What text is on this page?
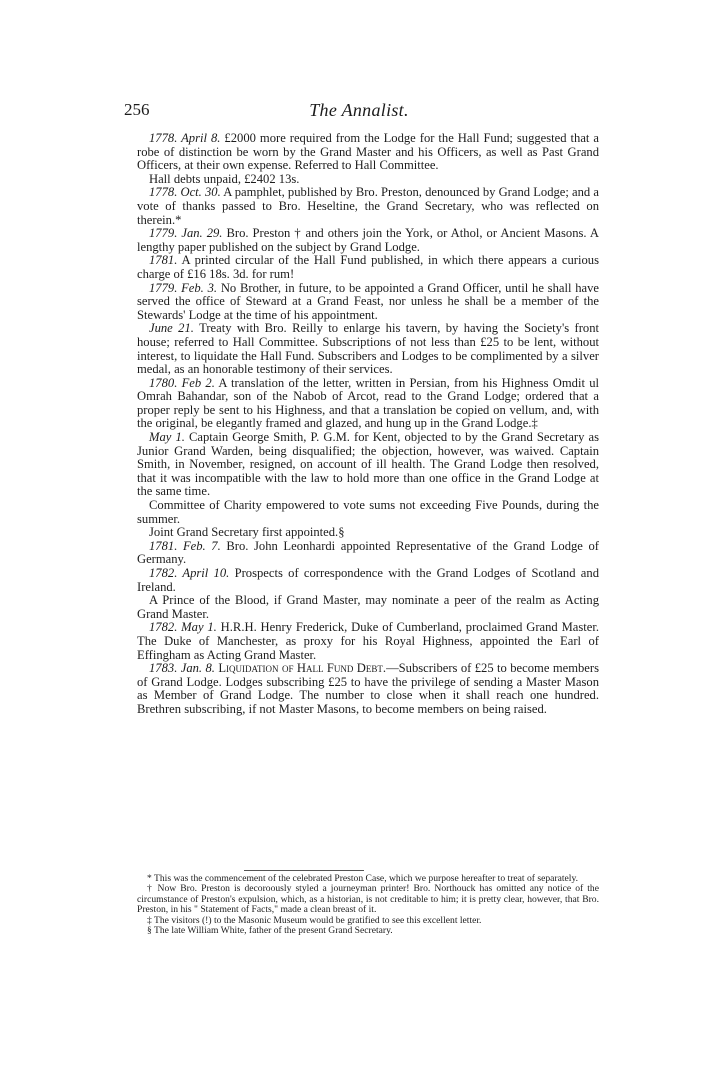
256	The Annalist.

1778. April 8. £2000 more required from the Lodge for the Hall Fund; suggested that a robe of distinction be worn by the Grand Master and his Officers, as well as Past Grand Officers, at their own expense. Referred to Hall Committee.

Hall debts unpaid, £2402 13s.

1778. Oct. 30. A pamphlet, published by Bro. Preston, denounced by Grand Lodge; and a vote of thanks passed to Bro. Heseltine, the Grand Secretary, who was reflected on therein.*

1779. Jan. 29. Bro. Preston † and others join the York, or Athol, or Ancient Masons. A lengthy paper published on the subject by Grand Lodge.

1781. A printed circular of the Hall Fund published, in which there appears a curious charge of £16 18s. 3d. for rum!

1779. Feb. 3. No Brother, in future, to be appointed a Grand Officer, until he shall have served the office of Steward at a Grand Feast, nor unless he shall be a member of the Stewards' Lodge at the time of his appointment.

June 21. Treaty with Bro. Reilly to enlarge his tavern, by having the Society's front house; referred to Hall Committee. Subscriptions of not less than £25 to be lent, without interest, to liquidate the Hall Fund. Subscribers and Lodges to be complimented by a silver medal, as an honorable testimony of their services.

1780. Feb 2. A translation of the letter, written in Persian, from his Highness Omdit ul Omrah Bahandar, son of the Nabob of Arcot, read to the Grand Lodge; ordered that a proper reply be sent to his Highness, and that a translation be copied on vellum, and, with the original, be elegantly framed and glazed, and hung up in the Grand Lodge.‡

May 1. Captain George Smith, P. G.M. for Kent, objected to by the Grand Secretary as Junior Grand Warden, being disqualified; the objection, however, was waived. Captain Smith, in November, resigned, on account of ill health. The Grand Lodge then resolved, that it was incompatible with the law to hold more than one office in the Grand Lodge at the same time.

Committee of Charity empowered to vote sums not exceeding Five Pounds, during the summer.

Joint Grand Secretary first appointed.§

1781. Feb. 7. Bro. John Leonhardi appointed Representative of the Grand Lodge of Germany.

1782. April 10. Prospects of correspondence with the Grand Lodges of Scotland and Ireland.

A Prince of the Blood, if Grand Master, may nominate a peer of the realm as Acting Grand Master.

1782. May 1. H.R.H. Henry Frederick, Duke of Cumberland, proclaimed Grand Master. The Duke of Manchester, as proxy for his Royal Highness, appointed the Earl of Effingham as Acting Grand Master.

1783. Jan. 8. Liquidation of Hall Fund Debt.—Subscribers of £25 to become members of Grand Lodge. Lodges subscribing £25 to have the privilege of sending a Master Mason as Member of Grand Lodge. The number to close when it shall reach one hundred. Brethren subscribing, if not Master Masons, to become members on being raised.

* This was the commencement of the celebrated Preston Case, which we purpose hereafter to treat of separately.

† Now Bro. Preston is decoroously styled a journeyman printer! Bro. Northouck has omitted any notice of the circumstance of Preston's expulsion, which, as a historian, is not creditable to him; it is pretty clear, however, that Bro. Preston, in his " Statement of Facts," made a clean breast of it.

‡ The visitors (!) to the Masonic Museum would be gratified to see this excellent letter.

§ The late William White, father of the present Grand Secretary.
